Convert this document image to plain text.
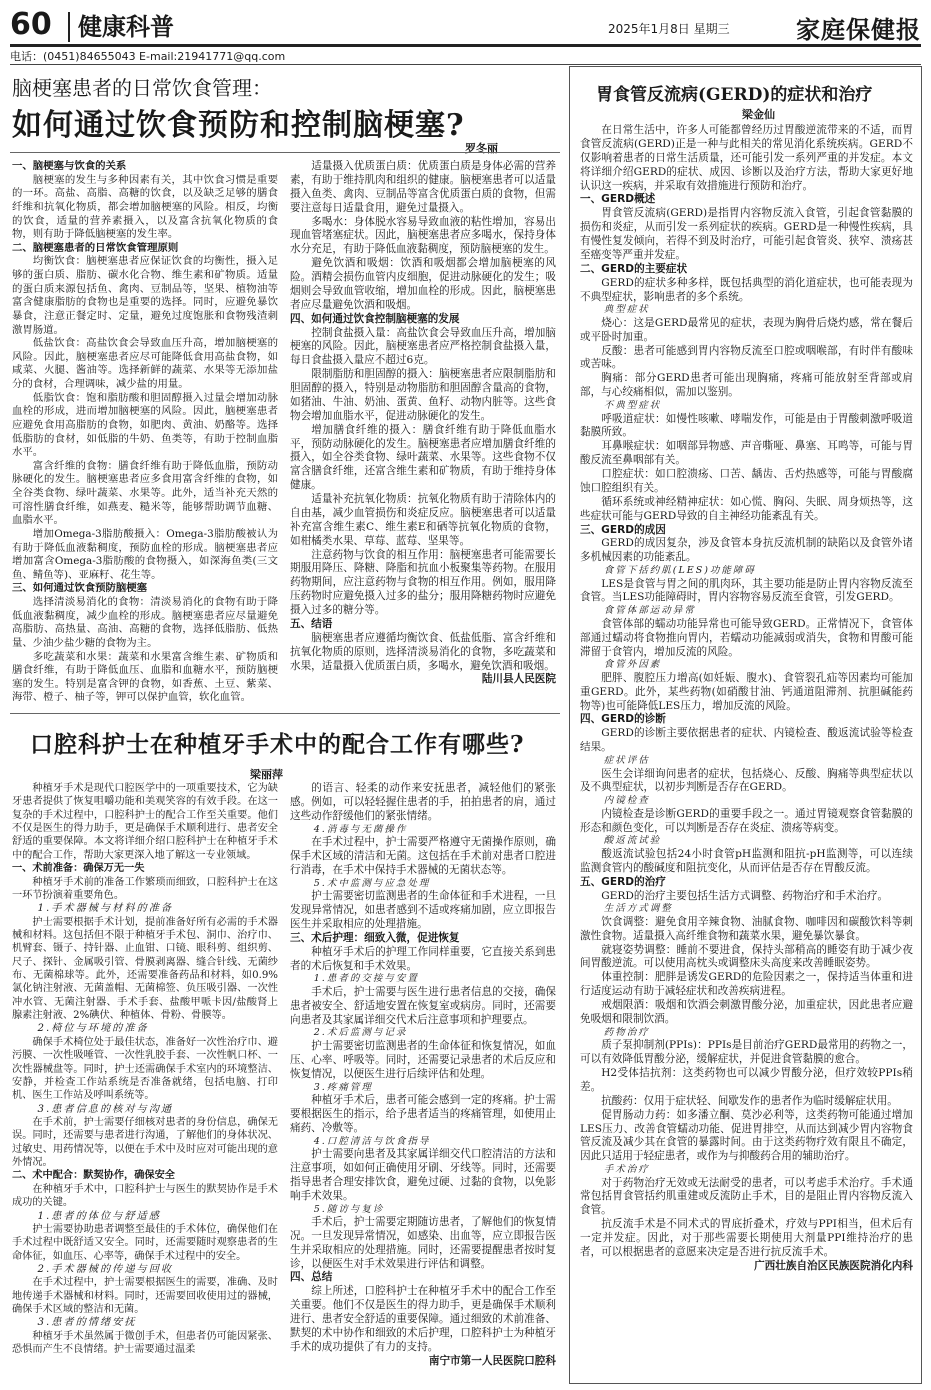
60	健康科普	2025年1月8日 星期三	家庭保健报
电话：(0451)84655043 E-mail:21941771@qq.com
脑梗塞患者的日常饮食管理：
如何通过饮食预防和控制脑梗塞?
罗冬丽
一、脑梗塞与饮食的关系

脑梗塞的发生与多种因素有关，其中饮食习惯是重要的一环。高盐、高脂、高糖的饮食，以及缺乏足够的膳食纤维和抗氧化物质，都会增加脑梗塞的风险。相反，均衡的饮食，适量的营养素摄入，以及富含抗氧化物质的食物，则有助于降低脑梗塞的发生率。

二、脑梗塞患者的日常饮食管理原则

均衡饮食：脑梗塞患者应保证饮食的均衡性，摄入足够的蛋白质、脂肪、碳水化合物、维生素和矿物质。适量的蛋白质来源包括鱼、禽肉、豆制品等，坚果、植物油等富含健康脂肪的食物也是重要的选择。同时，应避免暴饮暴食，注意正餐定时、定量，避免过度饱胀和食物残渣刺激胃肠道。

低盐饮食：高盐饮食会导致血压升高，增加脑梗塞的风险。因此，脑梗塞患者应尽可能降低食用高盐食物，如咸菜、火腿、酱油等。选择新鲜的蔬菜、水果等无添加盐分的食材，合理调味，减少盐的用量。

低脂饮食：饱和脂肪酸和胆固醇摄入过量会增加动脉血栓的形成，进而增加脑梗塞的风险。因此，脑梗塞患者应避免食用高脂肪的食物，如肥肉、黄油、奶酪等。选择低脂肪的食材，如低脂的牛奶、鱼类等，有助于控制血脂水平。

富含纤维的食物：膳食纤维有助于降低血脂，预防动脉硬化的发生。脑梗塞患者应多食用富含纤维的食物，如全谷类食物、绿叶蔬菜、水果等。此外，适当补充天然的可溶性膳食纤维，如燕麦、糙米等，能够帮助调节血糖、血脂水平。

增加Omega-3脂肪酸摄入：Omega-3脂肪酸被认为有助于降低血液黏稠度，预防血栓的形成。脑梗塞患者应增加富含Omega-3脂肪酸的食物摄入，如深海鱼类(三文鱼、鲭鱼等)、亚麻籽、花生等。

三、如何通过饮食预防脑梗塞

选择清淡易消化的食物：清淡易消化的食物有助于降低血液黏稠度，减少血栓的形成。脑梗塞患者应尽量避免高脂肪、高热量、高油、高糖的食物，选择低脂肪、低热量、少油少盐少糖的食物为主。

多吃蔬菜和水果：蔬菜和水果富含维生素、矿物质和膳食纤维，有助于降低血压、血脂和血糖水平，预防脑梗塞的发生。特别是富含钾的食物，如香蕉、土豆、紫菜、海带、橙子、柚子等，钾可以保护血管，软化血管。

适量摄入优质蛋白质：优质蛋白质是身体必需的营养素，有助于维持肌肉和组织的健康。脑梗塞患者可以适量摄入鱼类、禽肉、豆制品等富含优质蛋白质的食物，但需要注意每日适量食用，避免过量摄入。

多喝水：身体脱水容易导致血液的粘性增加，容易出现血管堵塞症状。因此，脑梗塞患者应多喝水，保持身体水分充足，有助于降低血液黏稠度，预防脑梗塞的发生。

避免饮酒和吸烟：饮酒和吸烟都会增加脑梗塞的风险。酒精会损伤血管内皮细胞，促进动脉硬化的发生；吸烟则会导致血管收缩，增加血栓的形成。因此，脑梗塞患者应尽量避免饮酒和吸烟。

四、如何通过饮食控制脑梗塞的发展

控制食盐摄入量：高盐饮食会导致血压升高，增加脑梗塞的风险。因此，脑梗塞患者应严格控制食盐摄入量，每日食盐摄入量应不超过6克。

限制脂肪和胆固醇的摄入：脑梗塞患者应限制脂肪和胆固醇的摄入，特别是动物脂肪和胆固醇含量高的食物，如猪油、牛油、奶油、蛋黄、鱼籽、动物内脏等。这些食物会增加血脂水平，促进动脉硬化的发生。

增加膳食纤维的摄入：膳食纤维有助于降低血脂水平，预防动脉硬化的发生。脑梗塞患者应增加膳食纤维的摄入，如全谷类食物、绿叶蔬菜、水果等。这些食物不仅富含膳食纤维，还富含维生素和矿物质，有助于维持身体健康。

适量补充抗氧化物质：抗氧化物质有助于清除体内的自由基，减少血管损伤和炎症反应。脑梗塞患者可以适量补充富含维生素C、维生素E和硒等抗氧化物质的食物，如柑橘类水果、草莓、蓝莓、坚果等。

注意药物与饮食的相互作用：脑梗塞患者可能需要长期服用降压、降糖、降脂和抗血小板聚集等药物。在服用药物期间，应注意药物与食物的相互作用。例如，服用降压药物时应避免摄入过多的盐分；服用降糖药物时应避免摄入过多的糖分等。

五、结语

脑梗塞患者应遵循均衡饮食、低盐低脂、富含纤维和抗氧化物质的原则，选择清淡易消化的食物，多吃蔬菜和水果，适量摄入优质蛋白质，多喝水，避免饮酒和吸烟。

陆川县人民医院

口腔科护士在种植牙手术中的配合工作有哪些?
梁丽萍

种植牙手术是现代口腔医学中的一项重要技术，它为缺牙患者提供了恢复咀嚼功能和美观笑容的有效手段。在这一复杂的手术过程中，口腔科护士的配合工作至关重要。他们不仅是医生的得力助手，更是确保手术顺利进行、患者安全舒适的重要保障。本文将详细介绍口腔科护士在种植牙手术中的配合工作，帮助大家更深入地了解这一专业领域。

一、术前准备：确保万无一失

种植牙手术前的准备工作繁琐而细致，口腔科护士在这一环节扮演着重要角色。

1.手术器械与材料的准备

护士需要根据手术计划，提前准备好所有必需的手术器械和材料。这包括但不限于种植牙手术包、洞巾、治疗巾、机臂套、镊子、持针器、止血钳、口镜、眼科剪、组织剪、尺子、探针、金属吸引管、骨膜剥离器、缝合针线、无菌纱布、无菌棉球等。此外，还需要准备药品和材料，如0.9%氯化钠注射液、无菌盖帽、无菌棉签、负压吸引器、一次性冲水管、无菌注射器、手术手套、盐酸甲哌卡因/盐酸肾上腺素注射液、2%碘伏、种植体、骨粉、骨膜等。

2.椅位与环境的准备

确保手术椅位处于最佳状态，准备好一次性治疗巾、避污膜、一次性吸唾管、一次性乳胶手套、一次性帆口杯、一次性器械盘等。同时，护士还需确保手术室内的环境整洁、安静，并检查工作站系统是否准备就绪，包括电脑、打印机、医生工作站及呼叫系统等。

3.患者信息的核对与沟通

在手术前，护士需要仔细核对患者的身份信息，确保无误。同时，还需要与患者进行沟通，了解他们的身体状况、过敏史、用药情况等，以便在手术中及时应对可能出现的意外情况。

二、术中配合：默契协作，确保安全

在种植牙手术中，口腔科护士与医生的默契协作是手术成功的关键。

1.患者的体位与舒适感

护士需要协助患者调整至最佳的手术体位，确保他们在手术过程中既舒适又安全。同时，还需要随时观察患者的生命体征，如血压、心率等，确保手术过程中的安全。

2.手术器械的传递与回收

在手术过程中，护士需要根据医生的需要，准确、及时地传递手术器械和材料。同时，还需要回收使用过的器械，确保手术区域的整洁和无菌。

3.患者的情绪安抚

种植牙手术虽然属于微创手术，但患者仍可能因紧张、恐惧而产生不良情绪。护士需要通过温柔

的语言、轻柔的动作来安抚患者，减轻他们的紧张感。例如，可以轻轻握住患者的手，拍拍患者的肩，通过这些动作舒缓他们的紧张情绪。

4.消毒与无菌操作

在手术过程中，护士需要严格遵守无菌操作原则，确保手术区域的清洁和无菌。这包括在手术前对患者口腔进行消毒，在手术中保持手术器械的无菌状态等。

5.术中监测与应急处理

护士需要密切监测患者的生命体征和手术进程，一旦发现异常情况，如患者感到不适或疼痛加剧，应立即报告医生并采取相应的处理措施。

三、术后护理：细致入微，促进恢复

种植牙手术后的护理工作同样重要，它直接关系到患者的术后恢复和手术效果。

1.患者的交接与安置

手术后，护士需要与医生进行患者信息的交接，确保患者被安全、舒适地安置在恢复室或病房。同时，还需要向患者及其家属详细交代术后注意事项和护理要点。

2.术后监测与记录

护士需要密切监测患者的生命体征和恢复情况，如血压、心率、呼吸等。同时，还需要记录患者的术后反应和恢复情况，以便医生进行后续评估和处理。

3.疼痛管理

种植牙手术后，患者可能会感到一定的疼痛。护士需要根据医生的指示，给予患者适当的疼痛管理，如使用止痛药、冷敷等。

4.口腔清洁与饮食指导

护士需要向患者及其家属详细交代口腔清洁的方法和注意事项，如如何正确使用牙刷、牙线等。同时，还需要指导患者合理安排饮食，避免过硬、过黏的食物，以免影响手术效果。

5.随访与复诊

手术后，护士需要定期随访患者，了解他们的恢复情况。一旦发现异常情况，如感染、出血等，应立即报告医生并采取相应的处理措施。同时，还需要提醒患者按时复诊，以便医生对手术效果进行评估和调整。

四、总结

综上所述，口腔科护士在种植牙手术中的配合工作至关重要。他们不仅是医生的得力助手，更是确保手术顺利进行、患者安全舒适的重要保障。通过细致的术前准备、默契的术中协作和细致的术后护理，口腔科护士为种植牙手术的成功提供了有力的支持。

南宁市第一人民医院口腔科

胃食管反流病(GERD)的症状和治疗
梁金仙

在日常生活中，许多人可能都曾经历过胃酸逆流带来的不适，而胃食管反流病(GERD)正是一种与此相关的常见消化系统疾病。GERD不仅影响着患者的日常生活质量，还可能引发一系列严重的并发症。本文将详细介绍GERD的症状、成因、诊断以及治疗方法，帮助大家更好地认识这一疾病，并采取有效措施进行预防和治疗。

一、GERD概述

胃食管反流病(GERD)是指胃内容物反流入食管，引起食管黏膜的损伤和炎症，从而引发一系列症状的疾病。GERD是一种慢性疾病，具有慢性复发倾向，若得不到及时治疗，可能引起食管炎、狭窄、溃疡甚至癌变等严重并发症。

二、GERD的主要症状

GERD的症状多种多样，既包括典型的消化道症状，也可能表现为不典型症状，影响患者的多个系统。

典型症状

烧心：这是GERD最常见的症状，表现为胸骨后烧灼感，常在餐后或平卧时加重。

反酸：患者可能感到胃内容物反流至口腔或咽喉部，有时伴有酸味或苦味。

胸痛：部分GERD患者可能出现胸痛，疼痛可能放射至背部或肩部，与心绞痛相似，需加以鉴别。

不典型症状

呼吸道症状：如慢性咳嗽、哮喘发作，可能是由于胃酸刺激呼吸道黏膜所致。

耳鼻喉症状：如咽部异物感、声音嘶哑、鼻塞、耳鸣等，可能与胃酸反流至鼻咽部有关。

口腔症状：如口腔溃疡、口苦、龋齿、舌灼热感等，可能与胃酸腐蚀口腔组织有关。

循环系统或神经精神症状：如心慌、胸闷、失眠、周身烦热等，这些症状可能与GERD导致的自主神经功能紊乱有关。

三、GERD的成因

GERD的成因复杂，涉及食管本身抗反流机制的缺陷以及食管外诸多机械因素的功能紊乱。

食管下括约肌(LES)功能障碍

LES是食管与胃之间的肌肉环，其主要功能是防止胃内容物反流至食管。当LES功能障碍时，胃内容物容易反流至食管，引发GERD。

食管体部运动异常

食管体部的蠕动功能异常也可能导致GERD。正常情况下，食管体部通过蠕动将食物推向胃内，若蠕动功能减弱或消失，食物和胃酸可能滞留于食管内，增加反流的风险。

食管外因素

肥胖、腹腔压力增高(如妊娠、腹水)、食管裂孔疝等因素均可能加重GERD。此外，某些药物(如硝酸甘油、钙通道阻滞剂、抗胆碱能药物等)也可能降低LES压力，增加反流的风险。

四、GERD的诊断

GERD的诊断主要依据患者的症状、内镜检查、酸返流试验等检查结果。

症状评估

医生会详细询问患者的症状，包括烧心、反酸、胸痛等典型症状以及不典型症状，以初步判断是否存在GERD。

内镜检查

内镜检查是诊断GERD的重要手段之一。通过胃镜观察食管黏膜的形态和颜色变化，可以判断是否存在炎症、溃疡等病变。

酸返流试验

酸返流试验包括24小时食管pH监测和阻抗-pH监测等，可以连续监测食管内的酸碱度和阻抗变化，从而评估是否存在胃酸反流。

五、GERD的治疗

GERD的治疗主要包括生活方式调整、药物治疗和手术治疗。

生活方式调整

饮食调整：避免食用辛辣食物、油腻食物、咖啡因和碳酸饮料等刺激性食物。适量摄入高纤维食物和蔬菜水果，避免暴饮暴食。

就寝姿势调整：睡前不要进食，保持头部稍高的睡姿有助于减少夜间胃酸逆流。可以使用高枕头或调整床头高度来改善睡眠姿势。

体重控制：肥胖是诱发GERD的危险因素之一，保持适当体重和进行适度运动有助于减轻症状和改善疾病进程。

戒烟限酒：吸烟和饮酒会刺激胃酸分泌，加重症状，因此患者应避免吸烟和限制饮酒。

药物治疗

质子泵抑制剂(PPIs)：PPIs是目前治疗GERD最常用的药物之一，可以有效降低胃酸分泌，缓解症状，并促进食管黏膜的愈合。

H2受体拮抗剂：这类药物也可以减少胃酸分泌，但疗效较PPIs稍差。

抗酸药：仅用于症状轻、间歇发作的患者作为临时缓解症状用。

促胃肠动力药：如多潘立酮、莫沙必利等，这类药物可能通过增加LES压力、改善食管蠕动功能、促进胃排空，从而达到减少胃内容物食管反流及减少其在食管的暴露时间。由于这类药物疗效有限且不确定，因此只适用于轻症患者，或作为与抑酸药合用的辅助治疗。

手术治疗

对于药物治疗无效或无法耐受的患者，可以考虑手术治疗。手术通常包括胃食管括约肌重建或反流防止手术，目的是阻止胃内容物反流入食管。

抗反流手术是不同术式的胃底折叠术，疗效与PPI相当，但术后有一定并发症。因此，对于那些需要长期使用大剂量PPI维持治疗的患者，可以根据患者的意愿来决定是否进行抗反流手术。

广西壮族自治区民族医院消化内科
